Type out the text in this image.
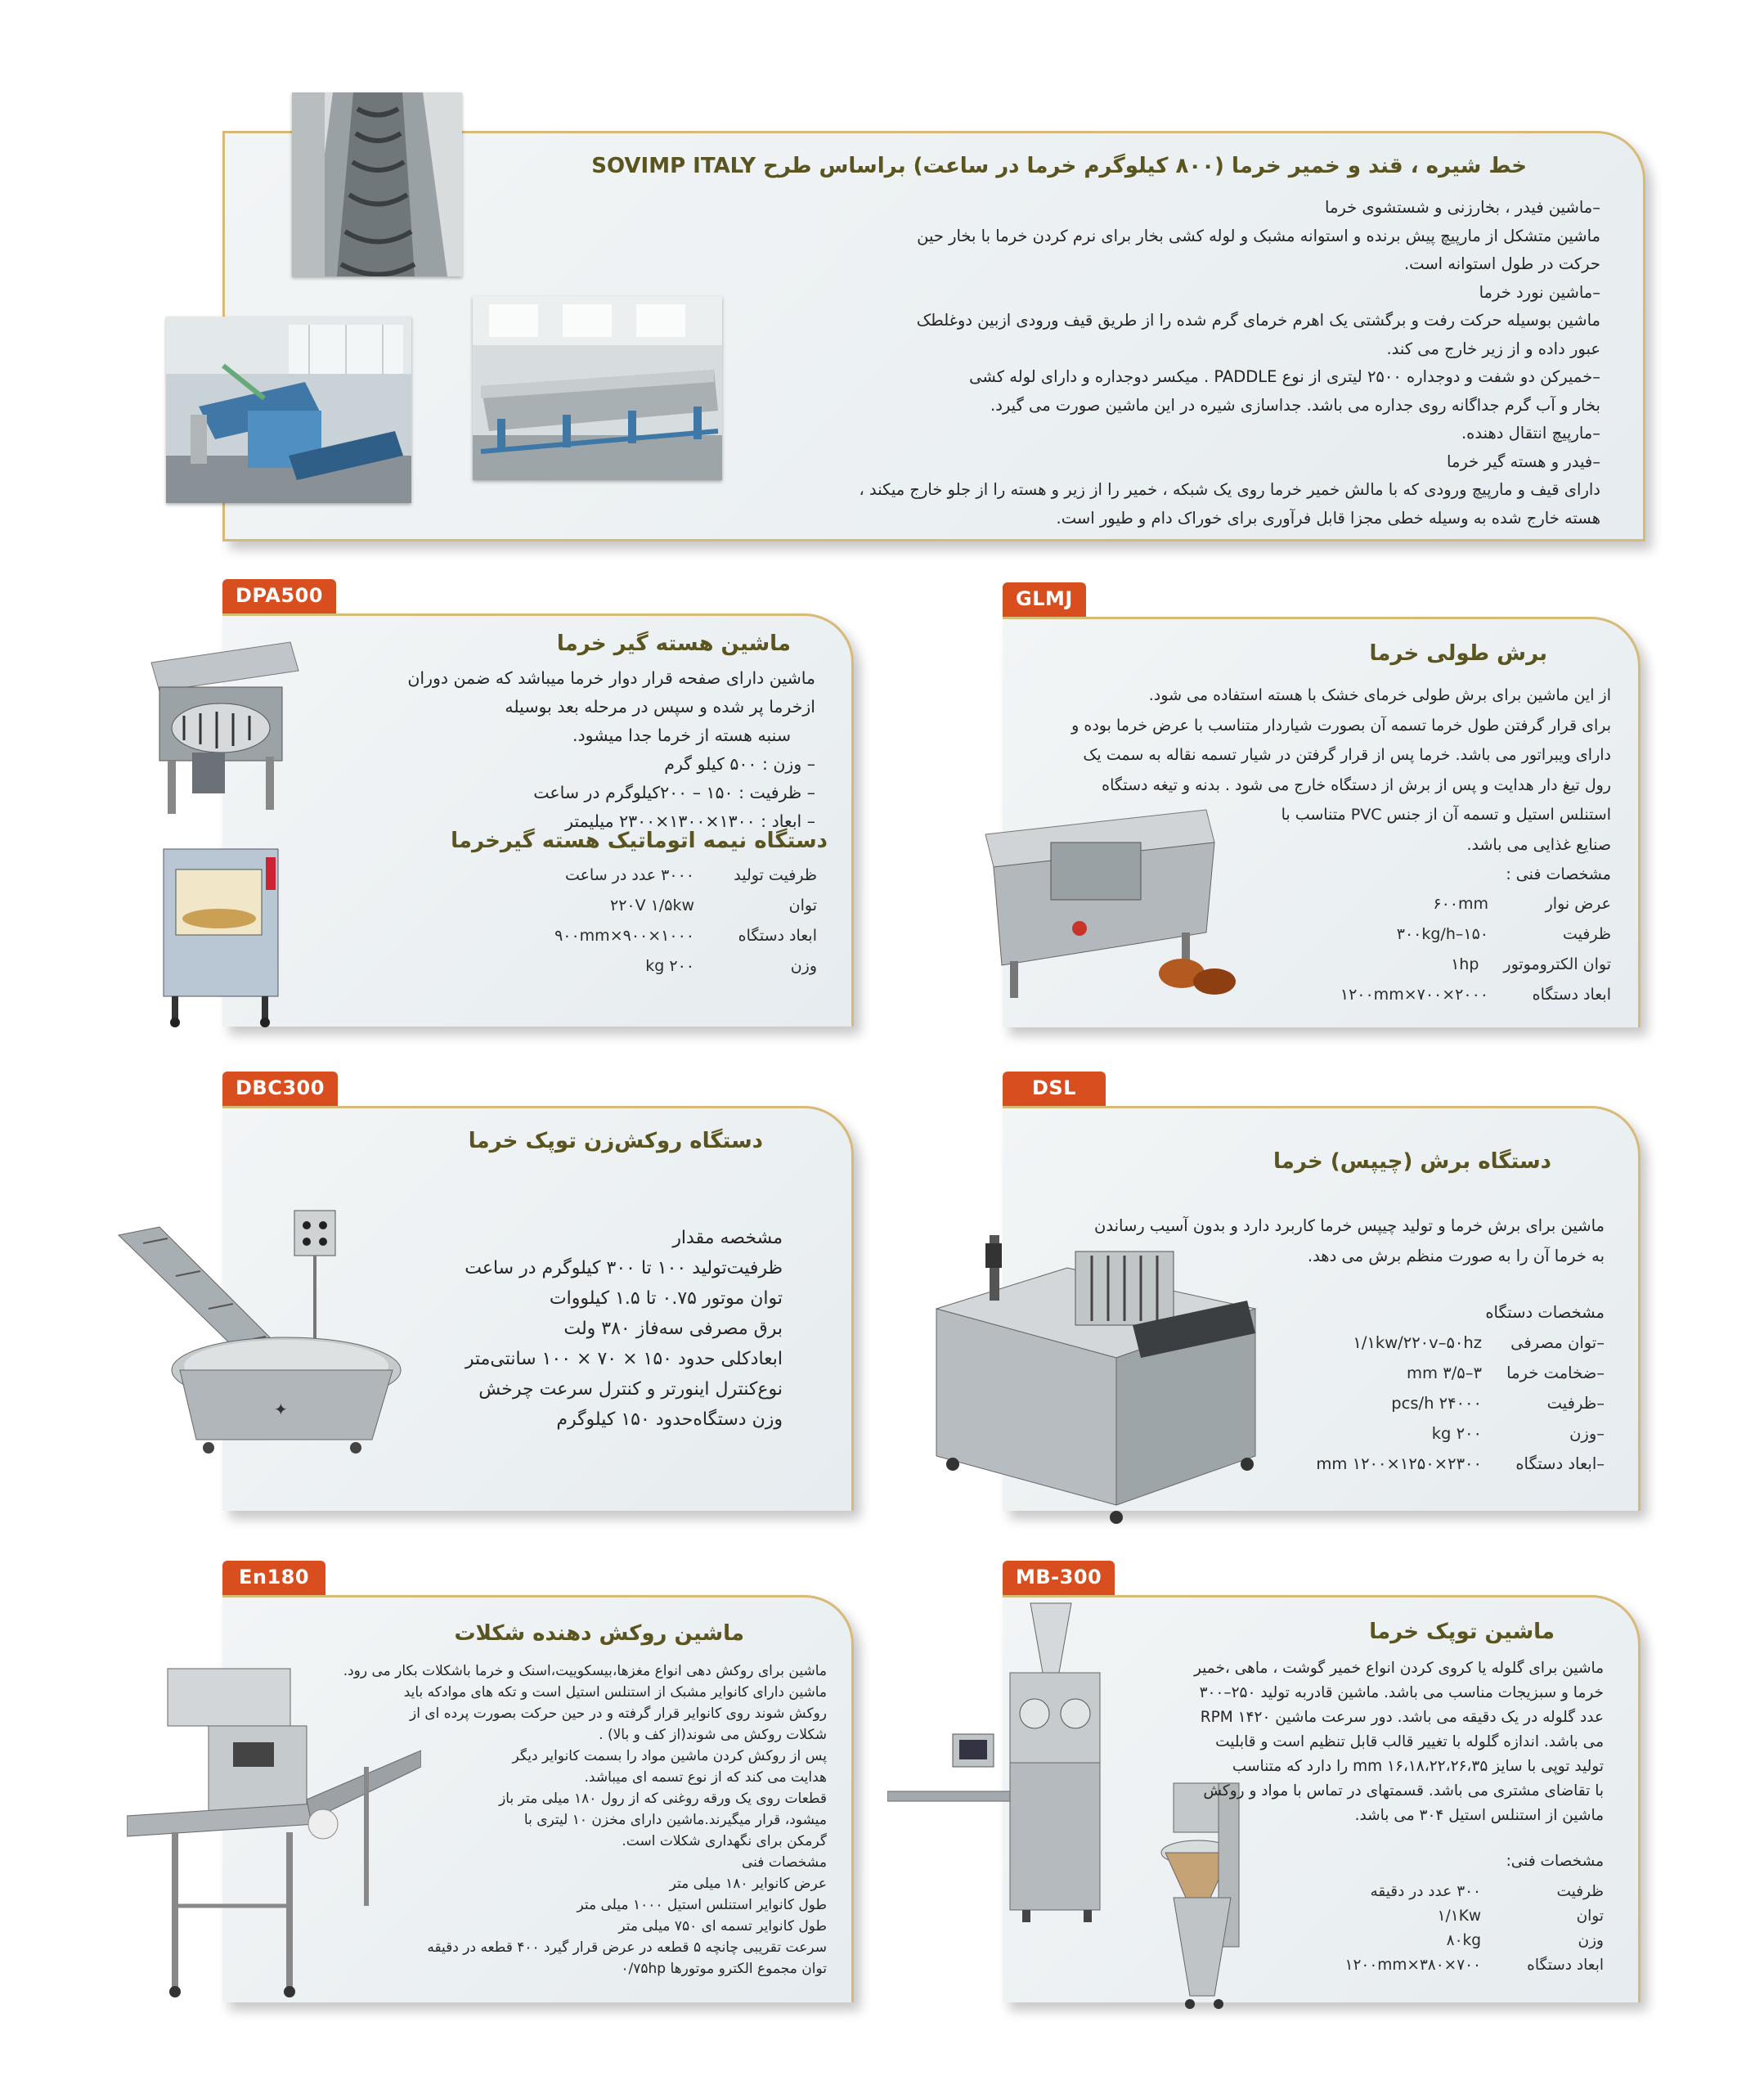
خط شیره ، قند و خمیر خرما (۸۰۰ کیلوگرم خرما در ساعت) براساس طرح SOVIMP ITALY
–ماشین فیدر ، بخارزنی و شستشوی خرما
ماشین متشکل از مارپیچ پیش برنده و استوانه مشبک و لوله کشی بخار برای نرم کردن خرما با بخار حین
حرکت در طول استوانه است.
–ماشین نورد خرما
ماشین بوسیله حرکت رفت و برگشتی یک اهرم خرمای گرم شده را از طریق قیف ورودی ازبین دوغلطک
عبور داده و از زیر خارج می کند.
–خمیرکن دو شفت و دوجداره ۲۵۰۰ لیتری از نوع PADDLE . میکسر دوجداره و دارای لوله کشی
بخار و آب گرم جداگانه روی جداره می باشد. جداسازی شیره در این ماشین صورت می گیرد.
–مارپیچ انتقال دهنده.
–فیدر و هسته گیر خرما
دارای قیف و مارپیچ ورودی که با مالش خمیر خرما روی یک شبکه ، خمیر را از زیر و هسته را از جلو خارج میکند ،
هسته خارج شده به وسیله خطی مجزا قابل فرآوری برای خوراک دام و طیور است.
DPA500
ماشین هسته گیر خرما
ماشین دارای صفحه قرار دوار خرما میباشد که ضمن دوران
ازخرما پر شده و سپس در مرحله بعد بوسیله
سنبه هسته از خرما جدا میشود.
– وزن : ۵۰۰ کیلو گرم
– ظرفیت : ۱۵۰ – ۲۰۰کیلوگرم در ساعت
– ابعاد : ۱۳۰۰×۱۳۰۰×۲۳۰۰ میلیمتر
دستگاه نیمه اتوماتیک هسته گیرخرما
ظرفیت تولید
۳۰۰۰ عدد در ساعت
توان
۲۲۰V ۱/۵kw
ابعاد دستگاه
۱۰۰۰×۹۰۰×۹۰۰mm
وزن
۲۰۰ kg
GLMJ
برش طولی خرما
از این ماشین برای برش طولی خرمای خشک با هسته استفاده می شود.
برای قرار گرفتن طول خرما تسمه آن بصورت شیاردار متناسب با عرض خرما بوده و
دارای ویبراتور می باشد. خرما پس از قرار گرفتن در شیار تسمه نقاله به سمت یک
رول تیغ دار هدایت و پس از برش از دستگاه خارج می شود . بدنه و تیغه دستگاه
استنلس استیل و تسمه آن از جنس PVC متناسب با
صنایع غذایی می باشد.
مشخصات فنی :
عرض نوار
۶۰۰mm
ظرفیت
۱۵۰–۳۰۰kg/h
توان الکتروموتور
۱hp
ابعاد دستگاه
۲۰۰۰×۷۰۰×۱۲۰۰mm
DBC300
✦
دستگاه روکش‌زن توپک خرما
مشخصه مقدار
ظرفیت‌تولید ۱۰۰ تا ۳۰۰ کیلوگرم در ساعت
توان موتور ۰.۷۵ تا ۱.۵ کیلووات
برق مصرفی سه‌فاز ۳۸۰ ولت
ابعادکلی حدود ۱۵۰ × ۷۰ × ۱۰۰ سانتی‌متر
نوع‌کنترل اینورتر و کنترل سرعت چرخش
وزن دستگاه‌حدود ۱۵۰ کیلوگرم
DSL
دستگاه برش (چیپس) خرما
ماشین برای برش خرما و تولید چیپس خرما کاربرد دارد و بدون آسیب رساندن
به خرما آن را به صورت منظم برش می دهد.
مشخصات دستگاه
–توان مصرفی
۱/۱kw/۲۲۰v–۵۰hz
–ضخامت خرما
۳–۳/۵ mm
–ظرفیت
۲۴۰۰۰ pcs/h
–وزن
۲۰۰ kg
–ابعاد دستگاه
۲۳۰۰×۱۲۵۰×۱۲۰۰ mm
En180
ماشین روکش دهنده شکلات
ماشین برای روکش دهی انواع مغزها،بیسکوییت،اسنک و خرما باشکلات بکار می رود.
ماشین دارای کانوایر مشبک از استنلس استیل است و تکه های موادکه باید
روکش شوند روی کانوایر قرار گرفته و در حین حرکت بصورت پرده ای از
شکلات روکش می شوند(از کف و بالا) .
پس از روکش کردن ماشین مواد را بسمت کانوایر دیگر
هدایت می کند که از نوع تسمه ای میباشد.
قطعات روی یک ورقه روغنی که از رول ۱۸۰ میلی متر باز
میشود، قرار میگیرند.ماشین دارای مخزن ۱۰ لیتری با
گرمکن برای نگهداری شکلات است.
مشخصات فنی
عرض کانوایر ۱۸۰ میلی متر
طول کانوایر استنلس استیل ۱۰۰۰ میلی متر
طول کانوایر تسمه ای ۷۵۰ میلی متر
سرعت تقریبی چانچه ۵ قطعه در عرض قرار گیرد ۴۰۰ قطعه در دقیقه
توان مجموع الکترو موتورها ۰/۷۵hp
MB-300
ماشین توپک خرما
ماشین برای گلوله یا کروی کردن انواع خمیر گوشت ، ماهی ،خمیر
خرما و سبزیجات مناسب می باشد. ماشین قادربه تولید ۲۵۰–۳۰۰
عدد گلوله در یک دقیقه می باشد. دور سرعت ماشین ۱۴۲۰ RPM
می باشد. اندازه گلوله با تغییر قالب قابل تنظیم است و قابلیت
تولید توپی با سایز ۱۶،۱۸،۲۲،۲۶،۳۵ mm را دارد که متناسب
با تقاضای مشتری می باشد. قسمتهای در تماس با مواد و روکش
ماشین از استنلس استیل ۳۰۴ می باشد.
مشخصات فنی:
ظرفیت
۳۰۰ عدد در دقیقه
توان
۱/۱Kw
وزن
۸۰kg
ابعاد دستگاه
۷۰۰×۳۸۰×۱۲۰۰mm
